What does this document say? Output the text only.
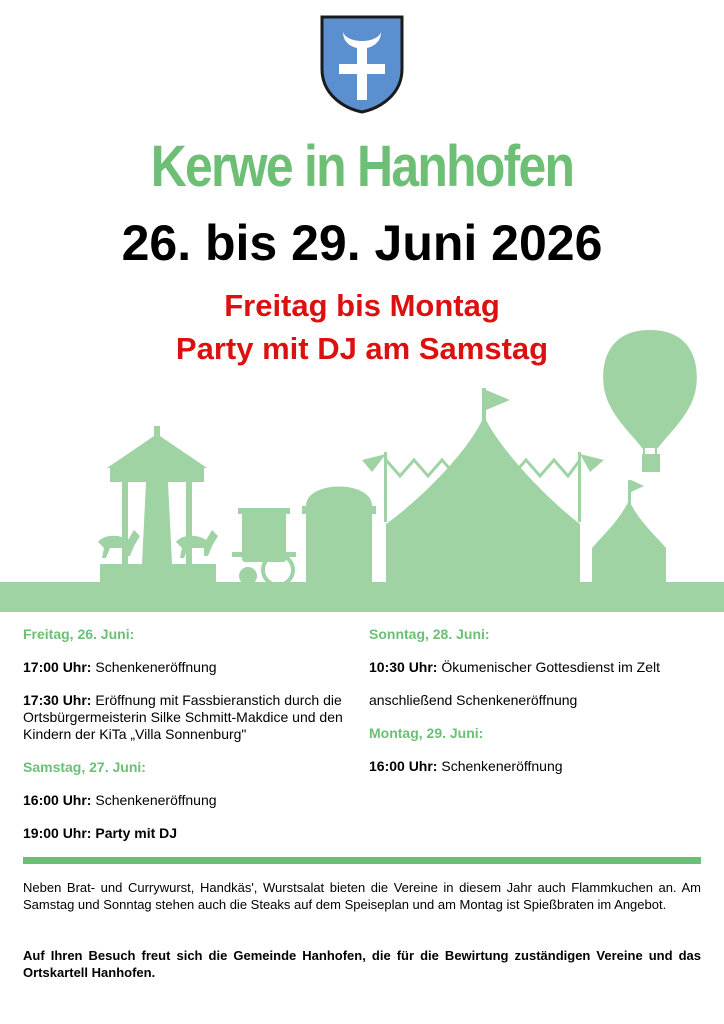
Kerwe in Hanhofen
26. bis 29. Juni 2026
Freitag bis Montag
Party mit DJ am Samstag
Freitag, 26. Juni:
17:00 Uhr: Schenkeneröffnung
17:30 Uhr: Eröffnung mit Fassbieranstich durch die Ortsbürgermeisterin Silke Schmitt-Makdice und den Kindern der KiTa „Villa Sonnenburg"
Samstag, 27. Juni:
16:00 Uhr: Schenkeneröffnung
19:00 Uhr: Party mit DJ
Sonntag, 28. Juni:
10:30 Uhr: Ökumenischer Gottesdienst im Zelt
anschließend Schenkeneröffnung
Montag, 29. Juni:
16:00 Uhr: Schenkeneröffnung
Neben Brat- und Currywurst, Handkäs', Wurstsalat bieten die Vereine in diesem Jahr auch Flammkuchen an. Am Samstag und Sonntag stehen auch die Steaks auf dem Speiseplan und am Montag ist Spießbraten im Angebot.
Auf Ihren Besuch freut sich die Gemeinde Hanhofen, die für die Bewirtung zuständigen Vereine und das Ortskartell Hanhofen.
